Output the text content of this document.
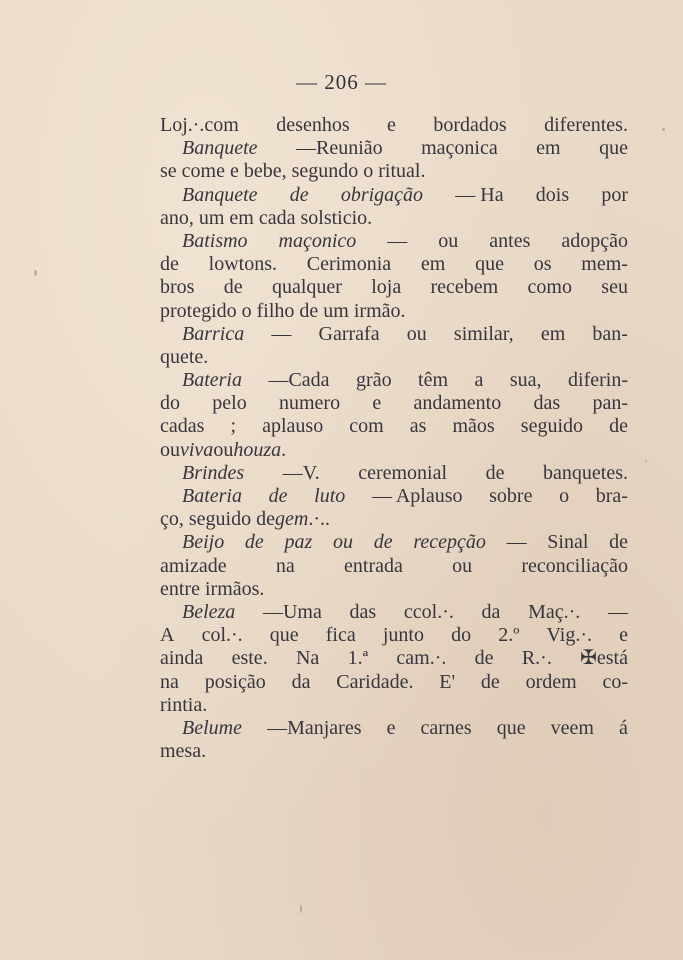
— 206 —
Loj.·.com desenhos e bordados diferentes.
Banquete —Reunião maçonica em que
se come e bebe, segundo o ritual.
Banquete de obrigação — Ha dois por
ano, um em cada solsticio.
Batismo maçonico — ou antes adopção
de lowtons. Cerimonia em que os mem-
bros de qualquer loja recebem como seu
protegido o filho de um irmão.
Barrica — Garrafa ou similar, em ban-
quete.
Bateria —Cada grão têm a sua, diferin-
do pelo numero e andamento das pan-
cadas ; aplauso com as mãos seguido de
ou viva ou houza .
Brindes —V. ceremonial de banquetes.
Bateria de luto — Aplauso sobre o bra-
ço, seguido de gem .·..
Beijo de paz ou de recepção — Sinal de
amizade na entrada ou reconciliação
entre irmãos.
Beleza —Uma das ccol.·. da Maç.·. —
A col.·. que fica junto do 2.º Vig.·. e
ainda este. Na 1.ª cam.·. de R.·. ✠está
na posição da Caridade. E' de ordem co-
rintia.
Belume —Manjares e carnes que veem á
mesa.
